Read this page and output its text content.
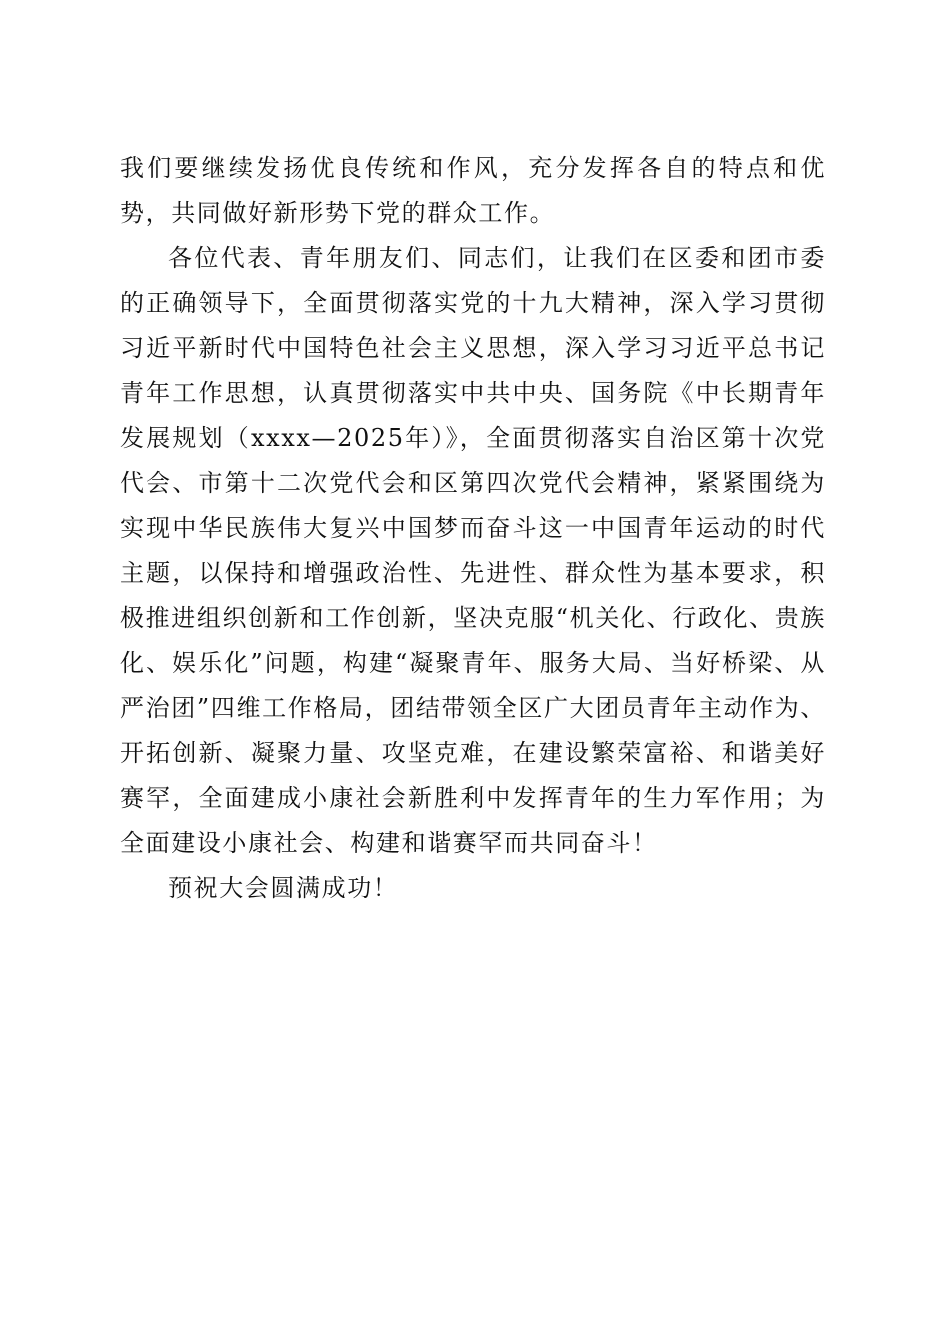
我们要继续发扬优良传统和作风，充分发挥各自的特点和优势，共同做好新形势下党的群众工作。

各位代表、青年朋友们、同志们，让我们在区委和团市委的正确领导下，全面贯彻落实党的十九大精神，深入学习贯彻习近平新时代中国特色社会主义思想，深入学习习近平总书记青年工作思想，认真贯彻落实中共中央、国务院《中长期青年发展规划（xxxx—2025年）》，全面贯彻落实自治区第十次党代会、市第十二次党代会和区第四次党代会精神，紧紧围绕为实现中华民族伟大复兴中国梦而奋斗这一中国青年运动的时代主题，以保持和增强政治性、先进性、群众性为基本要求，积极推进组织创新和工作创新，坚决克服“机关化、行政化、贵族化、娱乐化”问题，构建“凝聚青年、服务大局、当好桥梁、从严治团”四维工作格局，团结带领全区广大团员青年主动作为、开拓创新、凝聚力量、攻坚克难，在建设繁荣富裕、和谐美好赛罕，全面建成小康社会新胜利中发挥青年的生力军作用；为全面建设小康社会、构建和谐赛罕而共同奋斗！

预祝大会圆满成功！
